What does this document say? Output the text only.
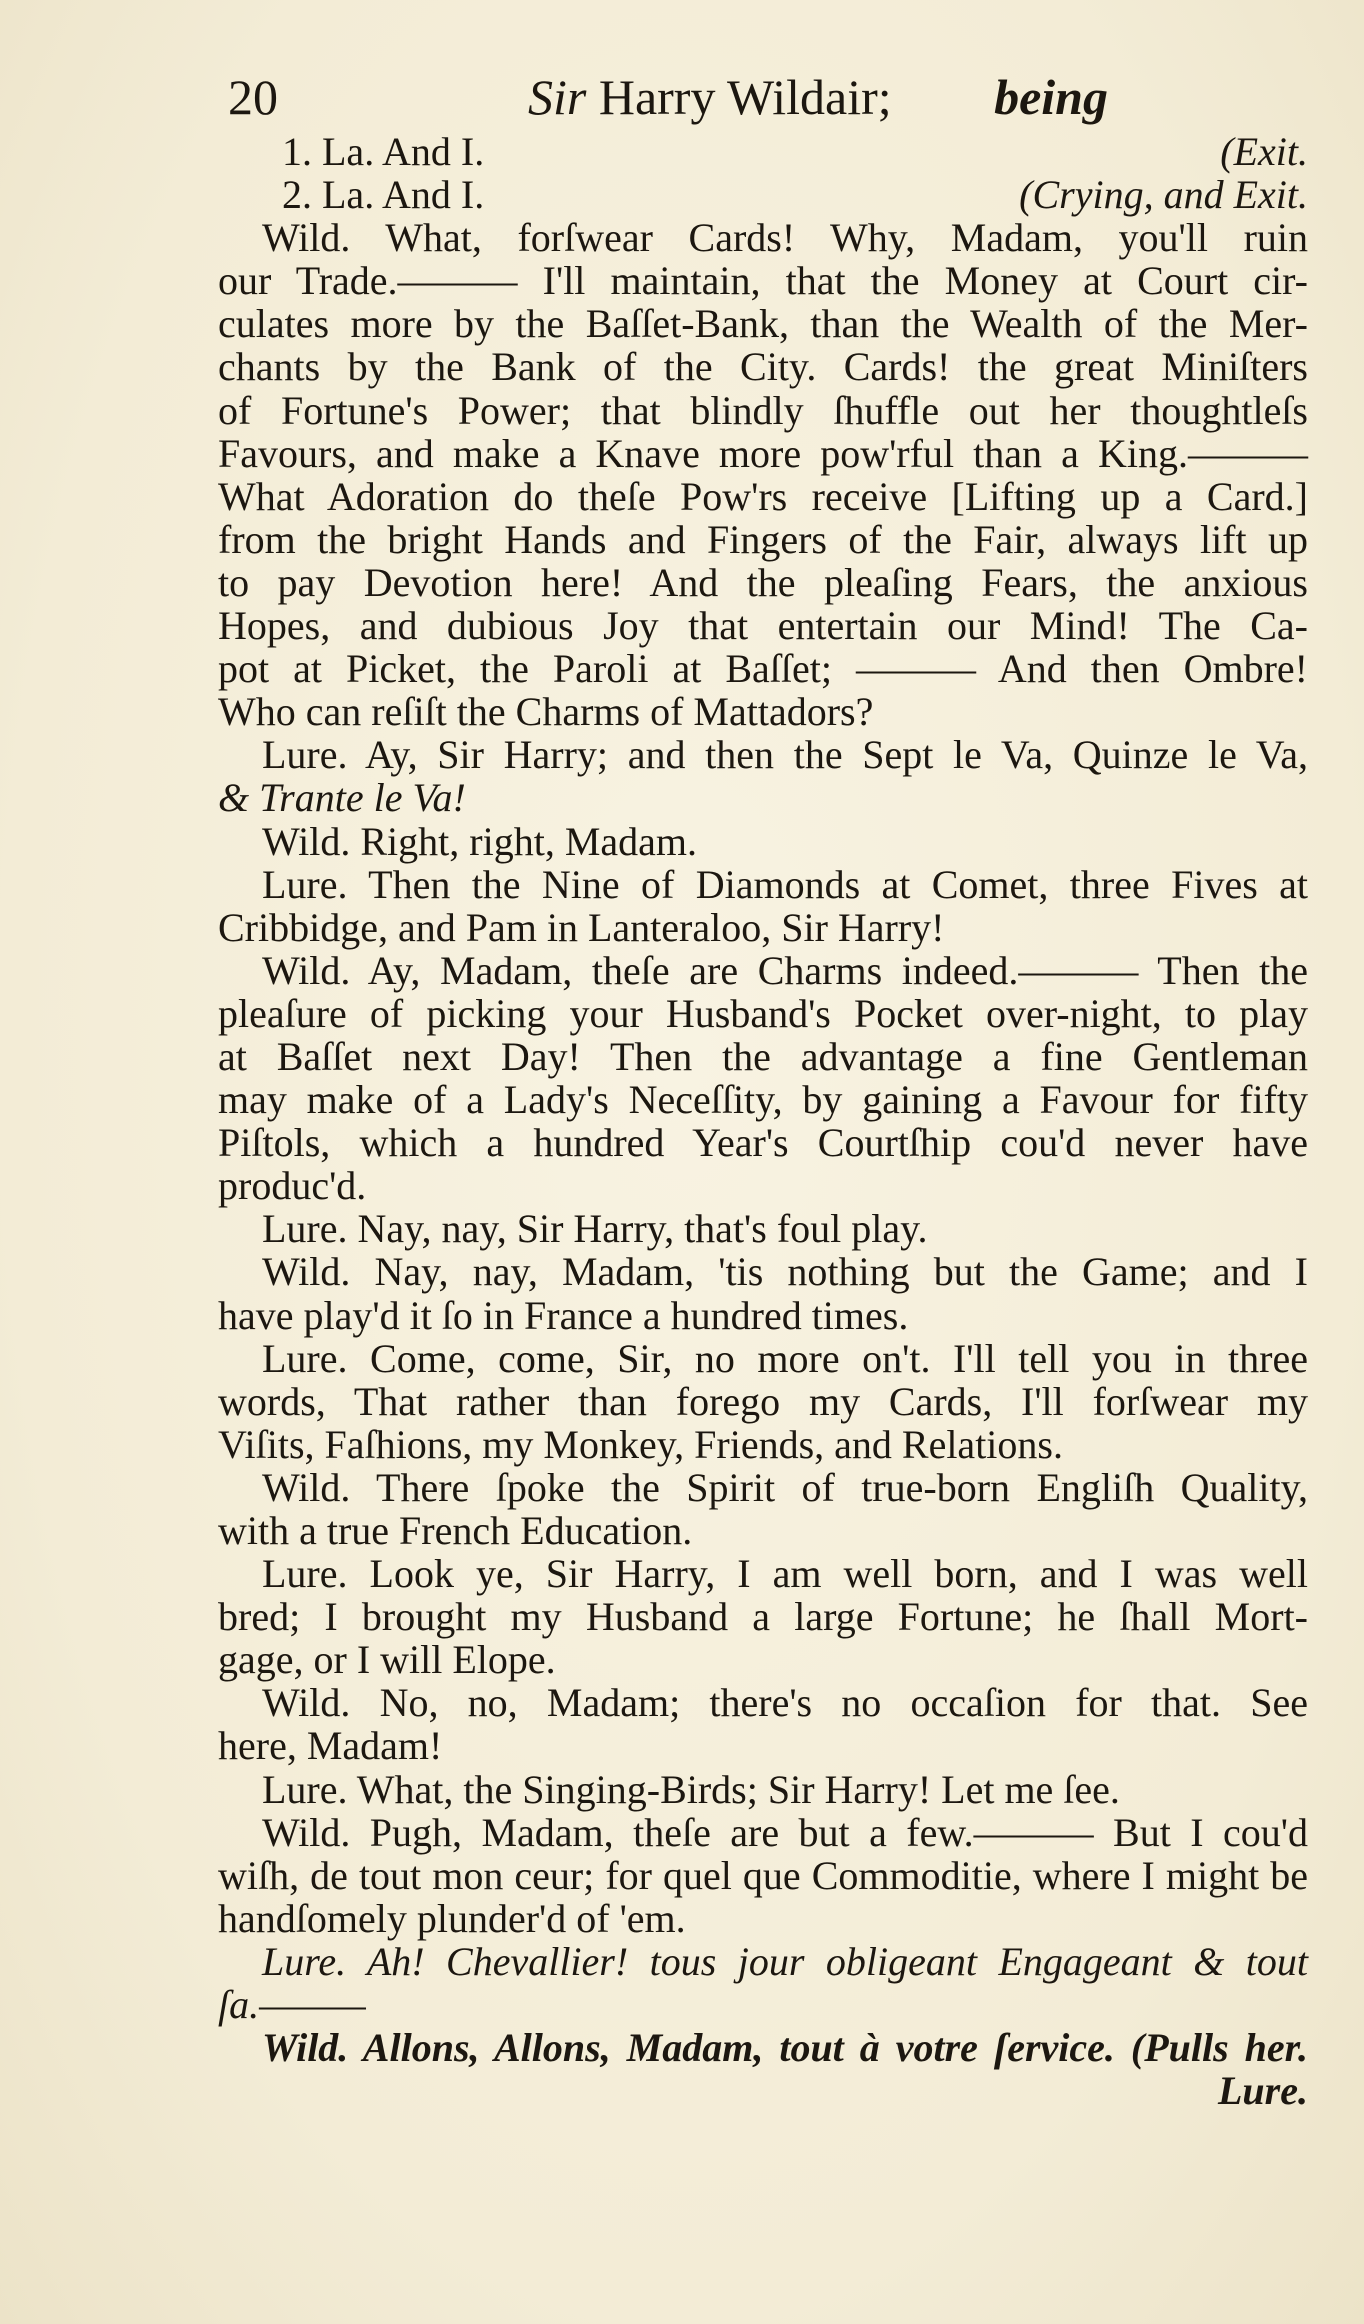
20	Sir Harry Wildair; being
1. La. And I.	(Exit.
2. La. And I.	(Crying, and Exit.
Wild. What, forſwear Cards! Why, Madam, you'll ruin
our Trade.——— I'll maintain, that the Money at Court cir-
culates more by the Baſſet-Bank, than the Wealth of the Mer-
chants by the Bank of the City. Cards! the great Miniſters
of Fortune's Power; that blindly ſhuffle out her thoughtleſs
Favours, and make a Knave more pow'rful than a King.———
What Adoration do theſe Pow'rs receive [Lifting up a Card.]
from the bright Hands and Fingers of the Fair, always lift up
to pay Devotion here! And the pleaſing Fears, the anxious
Hopes, and dubious Joy that entertain our Mind! The Ca-
pot at Picket, the Paroli at Baſſet; ——— And then Ombre!
Who can reſiſt the Charms of Mattadors?
Lure. Ay, Sir Harry; and then the Sept le Va, Quinze le Va,
& Trante le Va!
Wild. Right, right, Madam.
Lure. Then the Nine of Diamonds at Comet, three Fives at
Cribbidge, and Pam in Lanteraloo, Sir Harry!
Wild. Ay, Madam, theſe are Charms indeed.——— Then the
pleaſure of picking your Husband's Pocket over-night, to play
at Baſſet next Day! Then the advantage a fine Gentleman
may make of a Lady's Neceſſity, by gaining a Favour for fifty
Piſtols, which a hundred Year's Courtſhip cou'd never have
produc'd.
Lure. Nay, nay, Sir Harry, that's foul play.
Wild. Nay, nay, Madam, 'tis nothing but the Game; and I
have play'd it ſo in France a hundred times.
Lure. Come, come, Sir, no more on't. I'll tell you in three
words, That rather than forego my Cards, I'll forſwear my
Viſits, Faſhions, my Monkey, Friends, and Relations.
Wild. There ſpoke the Spirit of true-born Engliſh Quality,
with a true French Education.
Lure. Look ye, Sir Harry, I am well born, and I was well
bred; I brought my Husband a large Fortune; he ſhall Mort-
gage, or I will Elope.
Wild. No, no, Madam; there's no occaſion for that. See
here, Madam!
Lure. What, the Singing-Birds; Sir Harry! Let me ſee.
Wild. Pugh, Madam, theſe are but a few.——— But I cou'd
wiſh, de tout mon ceur; for quel que Commoditie, where I might be
handſomely plunder'd of 'em.
Lure. Ah! Chevallier! tous jour obligeant Engageant & tout
ſa.———
Wild. Allons, Allons, Madam, tout à votre ſervice. (Pulls her.
Lure.
